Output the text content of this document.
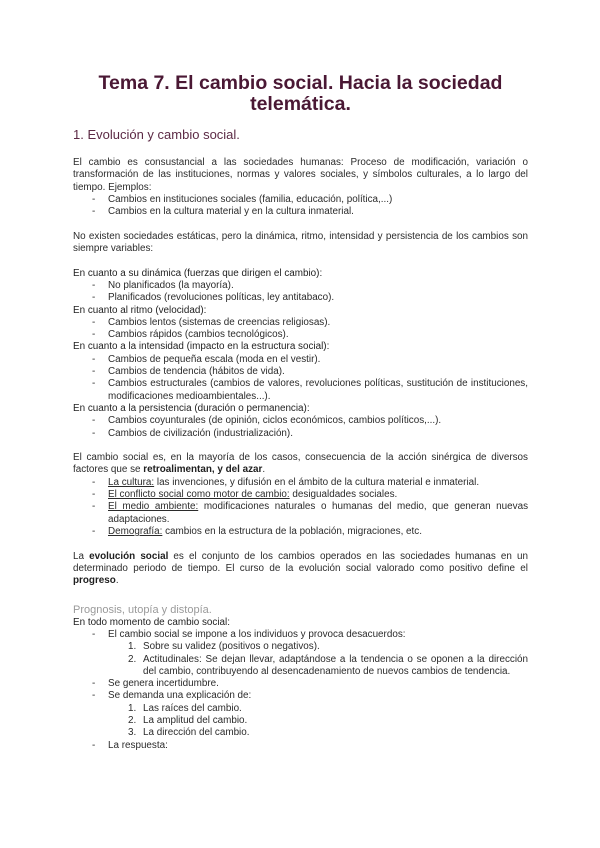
Tema 7. El cambio social. Hacia la sociedad telemática.
1. Evolución y cambio social.

El cambio es consustancial a las sociedades humanas: Proceso de modificación, variación o transformación de las instituciones, normas y valores sociales, y símbolos culturales, a lo largo del tiempo. Ejemplos:

- Cambios en instituciones sociales (familia, educación, política,...)
- Cambios en la cultura material y en la cultura inmaterial.

No existen sociedades estáticas, pero la dinámica, ritmo, intensidad y persistencia de los cambios son siempre variables:

En cuanto a su dinámica (fuerzas que dirigen el cambio):
- No planificados (la mayoría).
- Planificados (revoluciones políticas, ley antitabaco).
En cuanto al ritmo (velocidad):
- Cambios lentos (sistemas de creencias religiosas).
- Cambios rápidos (cambios tecnológicos).
En cuanto a la intensidad (impacto en la estructura social):
- Cambios de pequeña escala (moda en el vestir).
- Cambios de tendencia (hábitos de vida).
- Cambios estructurales (cambios de valores, revoluciones políticas, sustitución de instituciones, modificaciones medioambientales...).
En cuanto a la persistencia (duración o permanencia):
- Cambios coyunturales (de opinión, ciclos económicos, cambios políticos,...).
- Cambios de civilización (industrialización).

El cambio social es, en la mayoría de los casos, consecuencia de la acción sinérgica de diversos factores que se retroalimentan, y del azar.

- La cultura: las invenciones, y difusión en el ámbito de la cultura material e inmaterial.
- El conflicto social como motor de cambio: desigualdades sociales.
- El medio ambiente: modificaciones naturales o humanas del medio, que generan nuevas adaptaciones.
- Demografía: cambios en la estructura de la población, migraciones, etc.

La evolución social es el conjunto de los cambios operados en las sociedades humanas en un determinado periodo de tiempo. El curso de la evolución social valorado como positivo define el progreso.

Prognosis, utopía y distopía.
En todo momento de cambio social:
- El cambio social se impone a los individuos y provoca desacuerdos:
1. Sobre su validez (positivos o negativos).
2. Actitudinales: Se dejan llevar, adaptándose a la tendencia o se oponen a la dirección del cambio, contribuyendo al desencadenamiento de nuevos cambios de tendencia.
- Se genera incertidumbre.
- Se demanda una explicación de:
1. Las raíces del cambio.
2. La amplitud del cambio.
3. La dirección del cambio.
- La respuesta:
